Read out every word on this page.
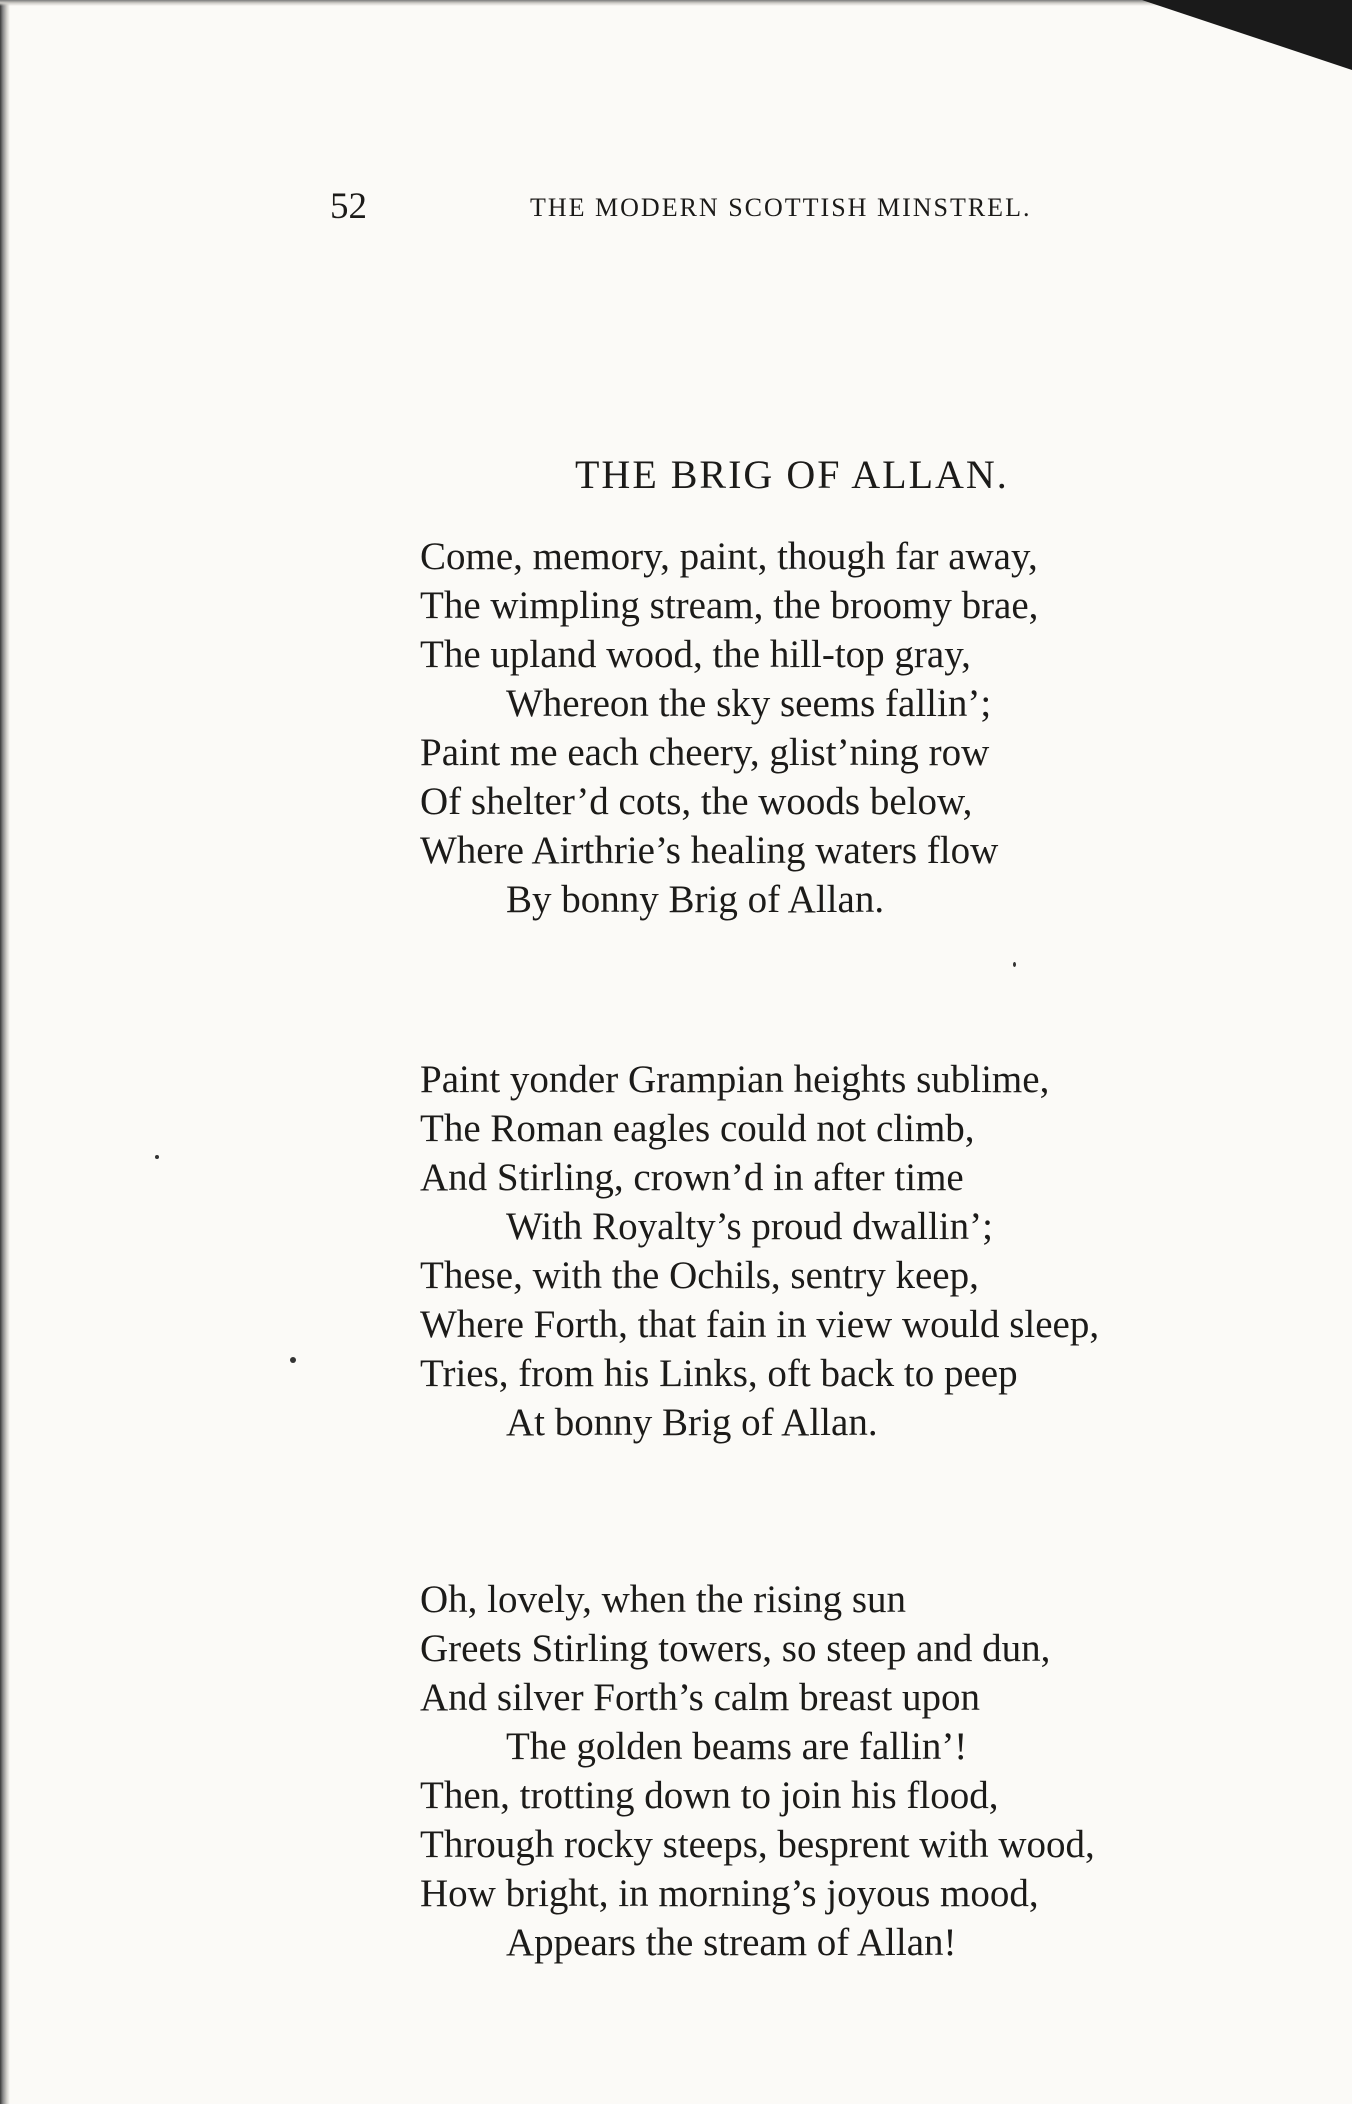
52	THE MODERN SCOTTISH MINSTREL.
THE BRIG OF ALLAN.
Come, memory, paint, though far away,
The wimpling stream, the broomy brae,
The upland wood, the hill-top gray,
Whereon the sky seems fallin’;
Paint me each cheery, glist’ning row
Of shelter’d cots, the woods below,
Where Airthrie’s healing waters flow
By bonny Brig of Allan.
Paint yonder Grampian heights sublime,
The Roman eagles could not climb,
And Stirling, crown’d in after time
With Royalty’s proud dwallin’;
These, with the Ochils, sentry keep,
Where Forth, that fain in view would sleep,
Tries, from his Links, oft back to peep
At bonny Brig of Allan.
Oh, lovely, when the rising sun
Greets Stirling towers, so steep and dun,
And silver Forth’s calm breast upon
The golden beams are fallin’!
Then, trotting down to join his flood,
Through rocky steeps, besprent with wood,
How bright, in morning’s joyous mood,
Appears the stream of Allan!
